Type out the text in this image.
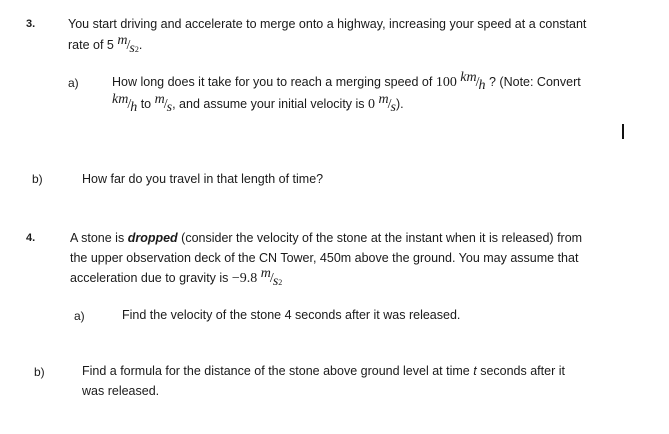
3.	You start driving and accelerate to merge onto a highway, increasing your speed at a constant
rate of 5 $m/s_2$.
a)	How long does it take for you to reach a merging speed of 100 km/h ? (Note: Convert
km/h to m/s, and assume your initial velocity is 0 m/s).
b)	How far do you travel in that length of time?
4.	A stone is dropped (consider the velocity of the stone at the instant when it is released) from
the upper observation deck of the CN Tower, 450m above the ground. You may assume that
acceleration due to gravity is −9.8 $m/s_2$
a)	Find the velocity of the stone 4 seconds after it was released.
b)	Find a formula for the distance of the stone above ground level at time t seconds after it
was released.
